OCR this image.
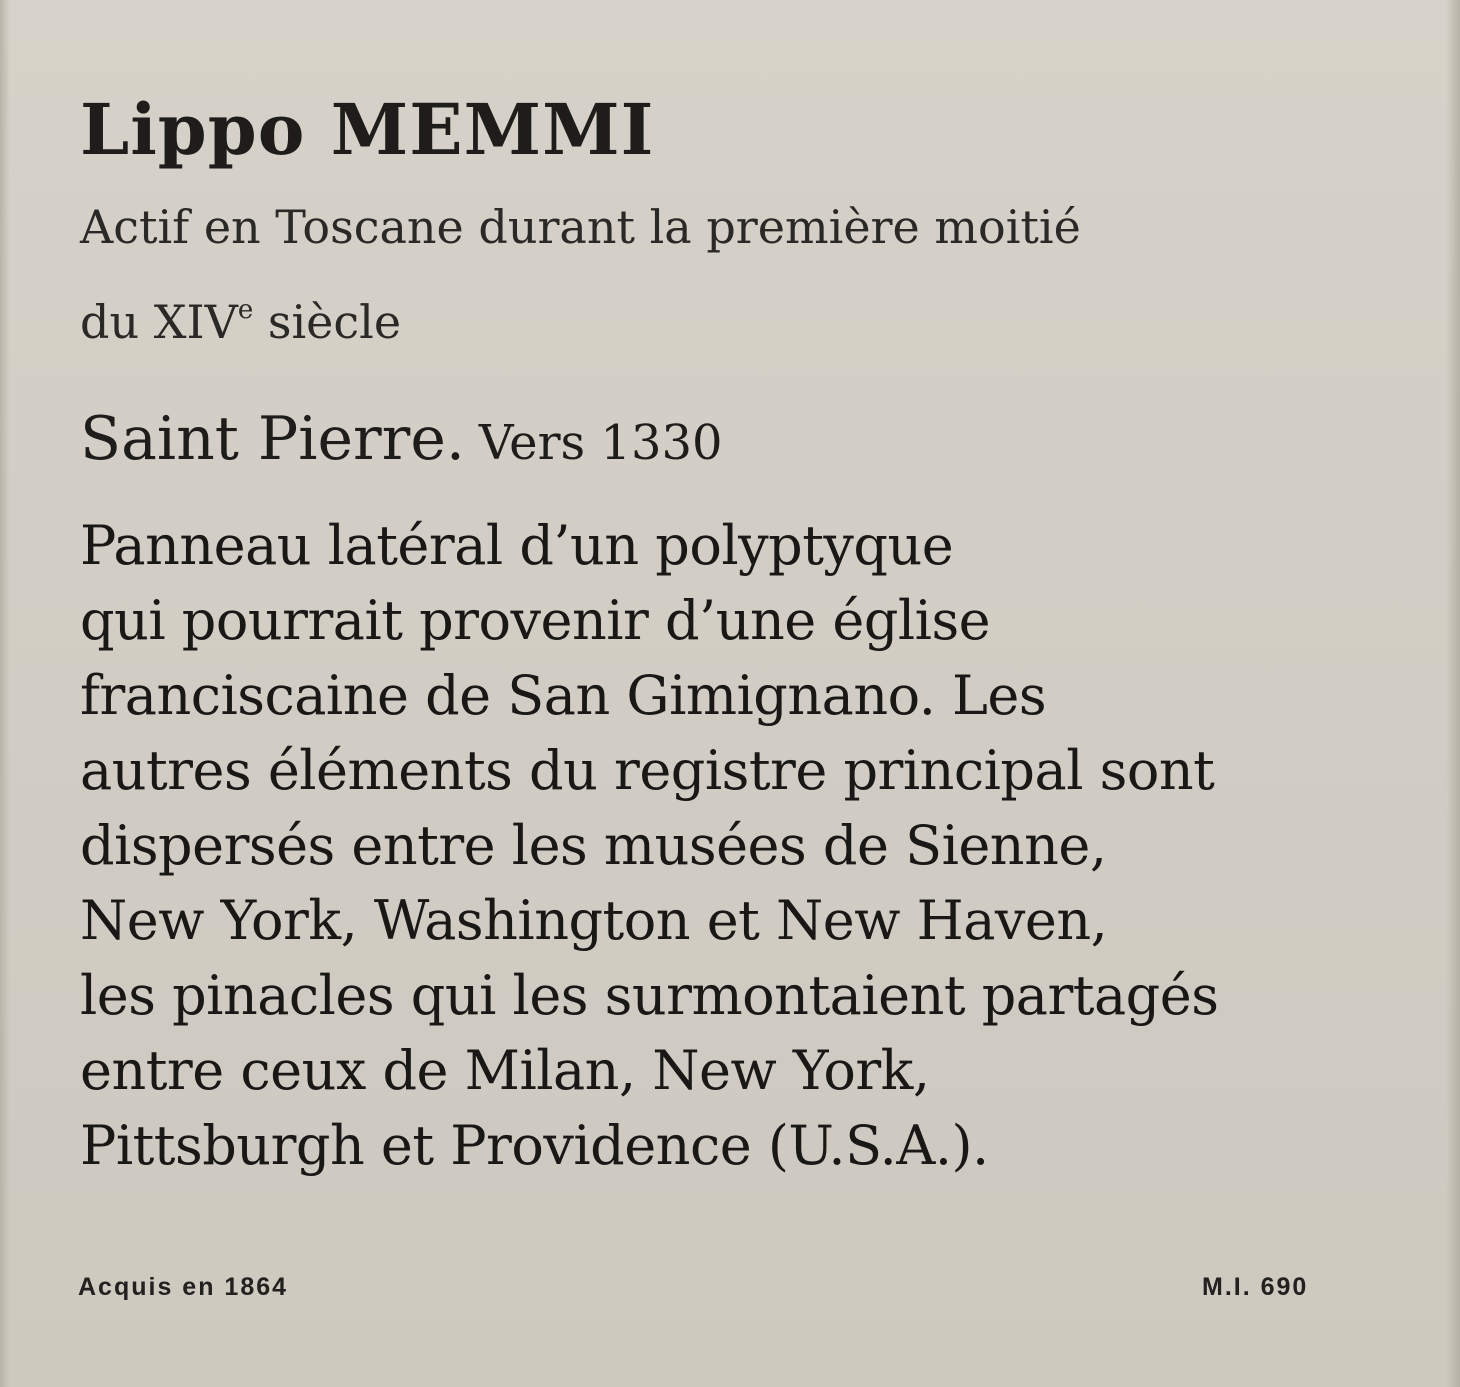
Lippo MEMMI
Actif en Toscane durant la première moitié
du XIVe siècle
Saint Pierre. Vers 1330
Panneau latéral d’un polyptyque
qui pourrait provenir d’une église
franciscaine de San Gimignano. Les
autres éléments du registre principal sont
dispersés entre les musées de Sienne,
New York, Washington et New Haven,
les pinacles qui les surmontaient partagés
entre ceux de Milan, New York,
Pittsburgh et Providence (U.S.A.).
Acquis en 1864	M.I. 690
